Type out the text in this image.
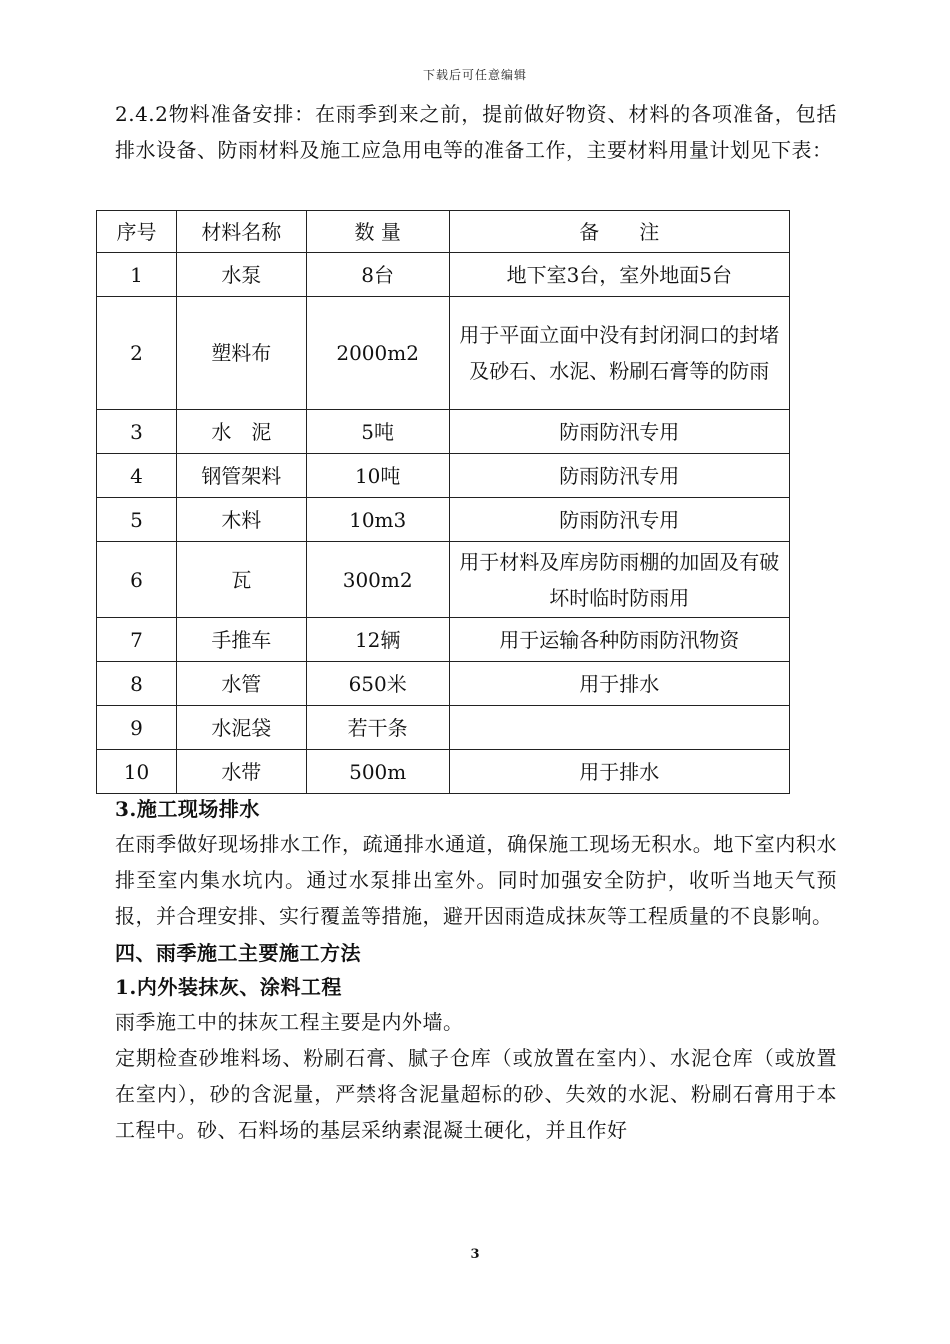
下载后可任意编辑

2.4.2物料准备安排：在雨季到来之前，提前做好物资、材料的各项准备，包括排水设备、防雨材料及施工应急用电等的准备工作，主要材料用量计划见下表：

序号	材料名称	数 量	备　　注
1	水泵	8台	地下室3台，室外地面5台
2	塑料布	2000m2	用于平面立面中没有封闭洞口的封堵及砂石、水泥、粉刷石膏等的防雨
3	水　泥	5吨	防雨防汛专用
4	钢管架料	10吨	防雨防汛专用
5	木料	10m3	防雨防汛专用
6	瓦	300m2	用于材料及库房防雨棚的加固及有破坏时临时防雨用
7	手推车	12辆	用于运输各种防雨防汛物资
8	水管	650米	用于排水
9	水泥袋	若干条	
10	水带	500m	用于排水

3.施工现场排水

在雨季做好现场排水工作，疏通排水通道，确保施工现场无积水。地下室内积水排至室内集水坑内。通过水泵排出室外。同时加强安全防护，收听当地天气预报，并合理安排、实行覆盖等措施，避开因雨造成抹灰等工程质量的不良影响。

四、雨季施工主要施工方法

1.内外装抹灰、涂料工程

雨季施工中的抹灰工程主要是内外墙。

定期检查砂堆料场、粉刷石膏、腻子仓库（或放置在室内）、水泥仓库（或放置在室内），砂的含泥量，严禁将含泥量超标的砂、失效的水泥、粉刷石膏用于本工程中。砂、石料场的基层采纳素混凝土硬化，并且作好

3
